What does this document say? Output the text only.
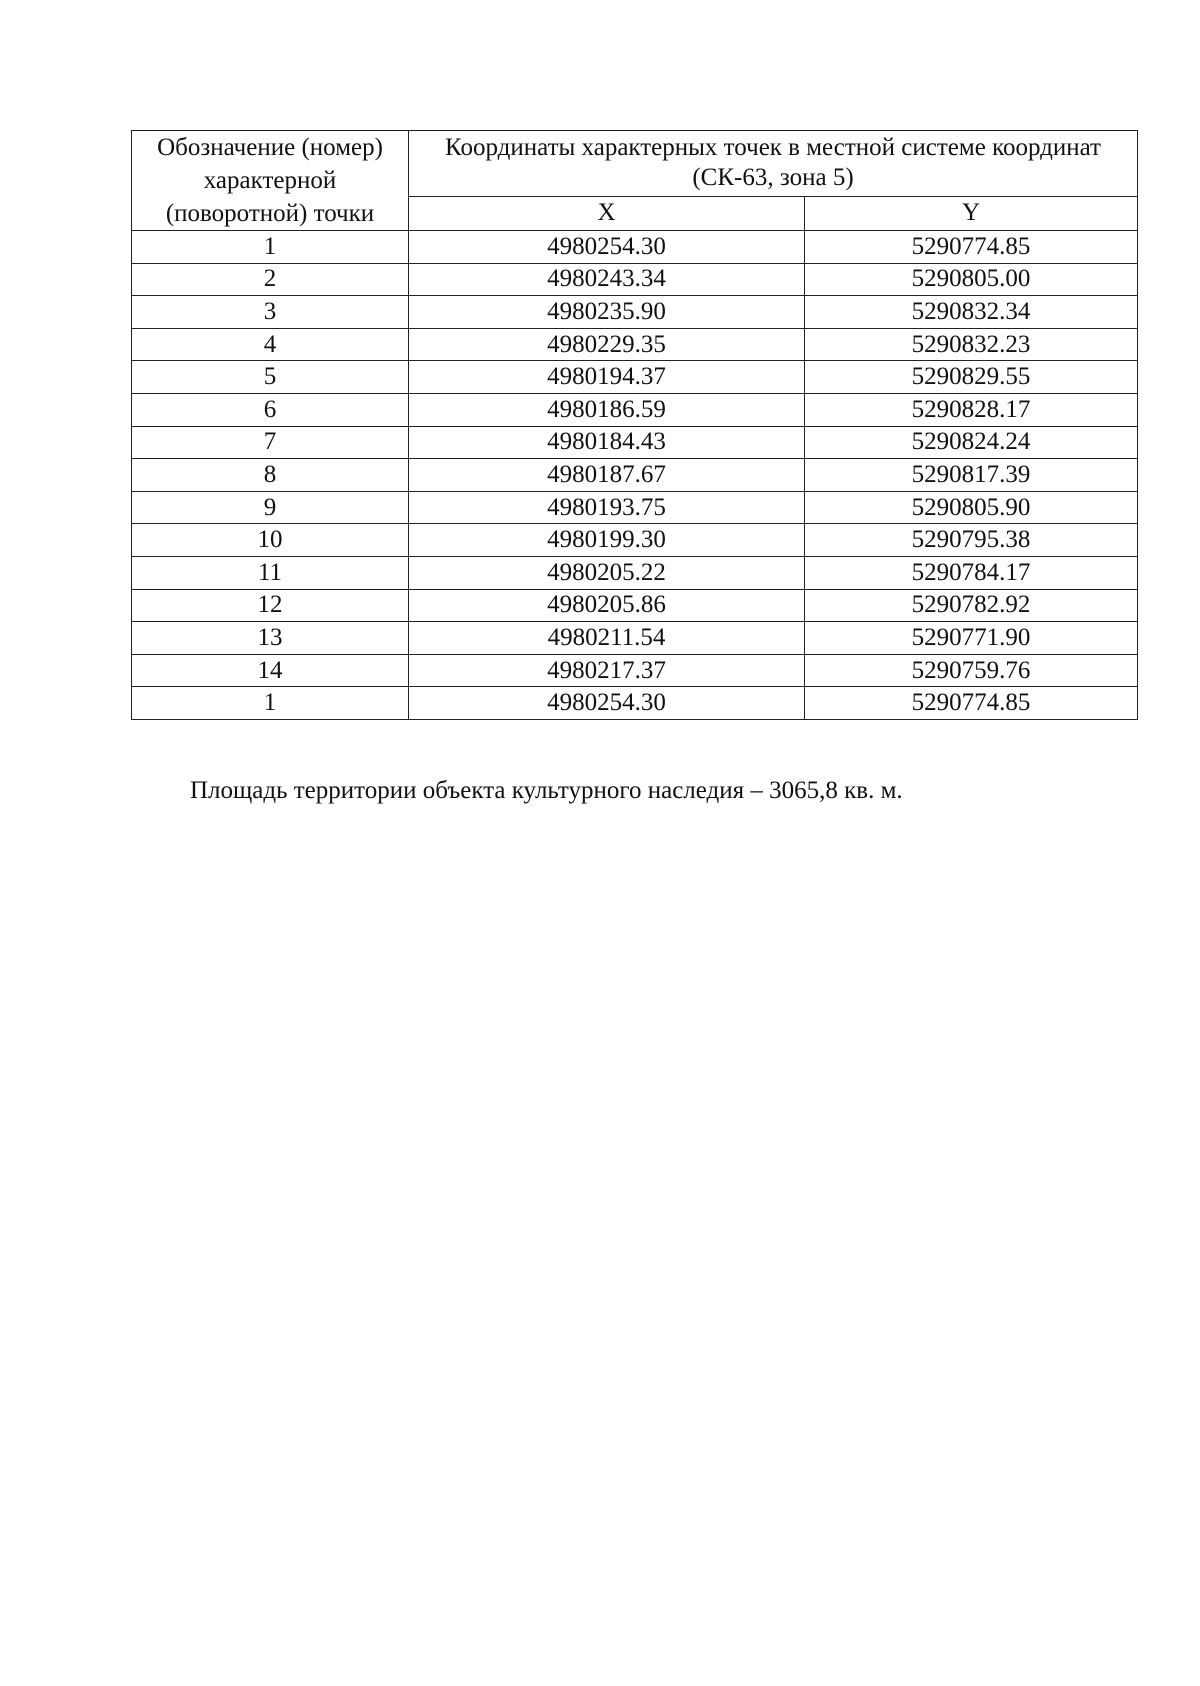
Обозначение (номер) характерной (поворотной) точки	Координаты характерных точек в местной системе координат (СК-63, зона 5)	
	X	Y
1	4980254.30	5290774.85
2	4980243.34	5290805.00
3	4980235.90	5290832.34
4	4980229.35	5290832.23
5	4980194.37	5290829.55
6	4980186.59	5290828.17
7	4980184.43	5290824.24
8	4980187.67	5290817.39
9	4980193.75	5290805.90
10	4980199.30	5290795.38
11	4980205.22	5290784.17
12	4980205.86	5290782.92
13	4980211.54	5290771.90
14	4980217.37	5290759.76
1	4980254.30	5290774.85
Площадь территории объекта культурного наследия – 3065,8 кв. м.
